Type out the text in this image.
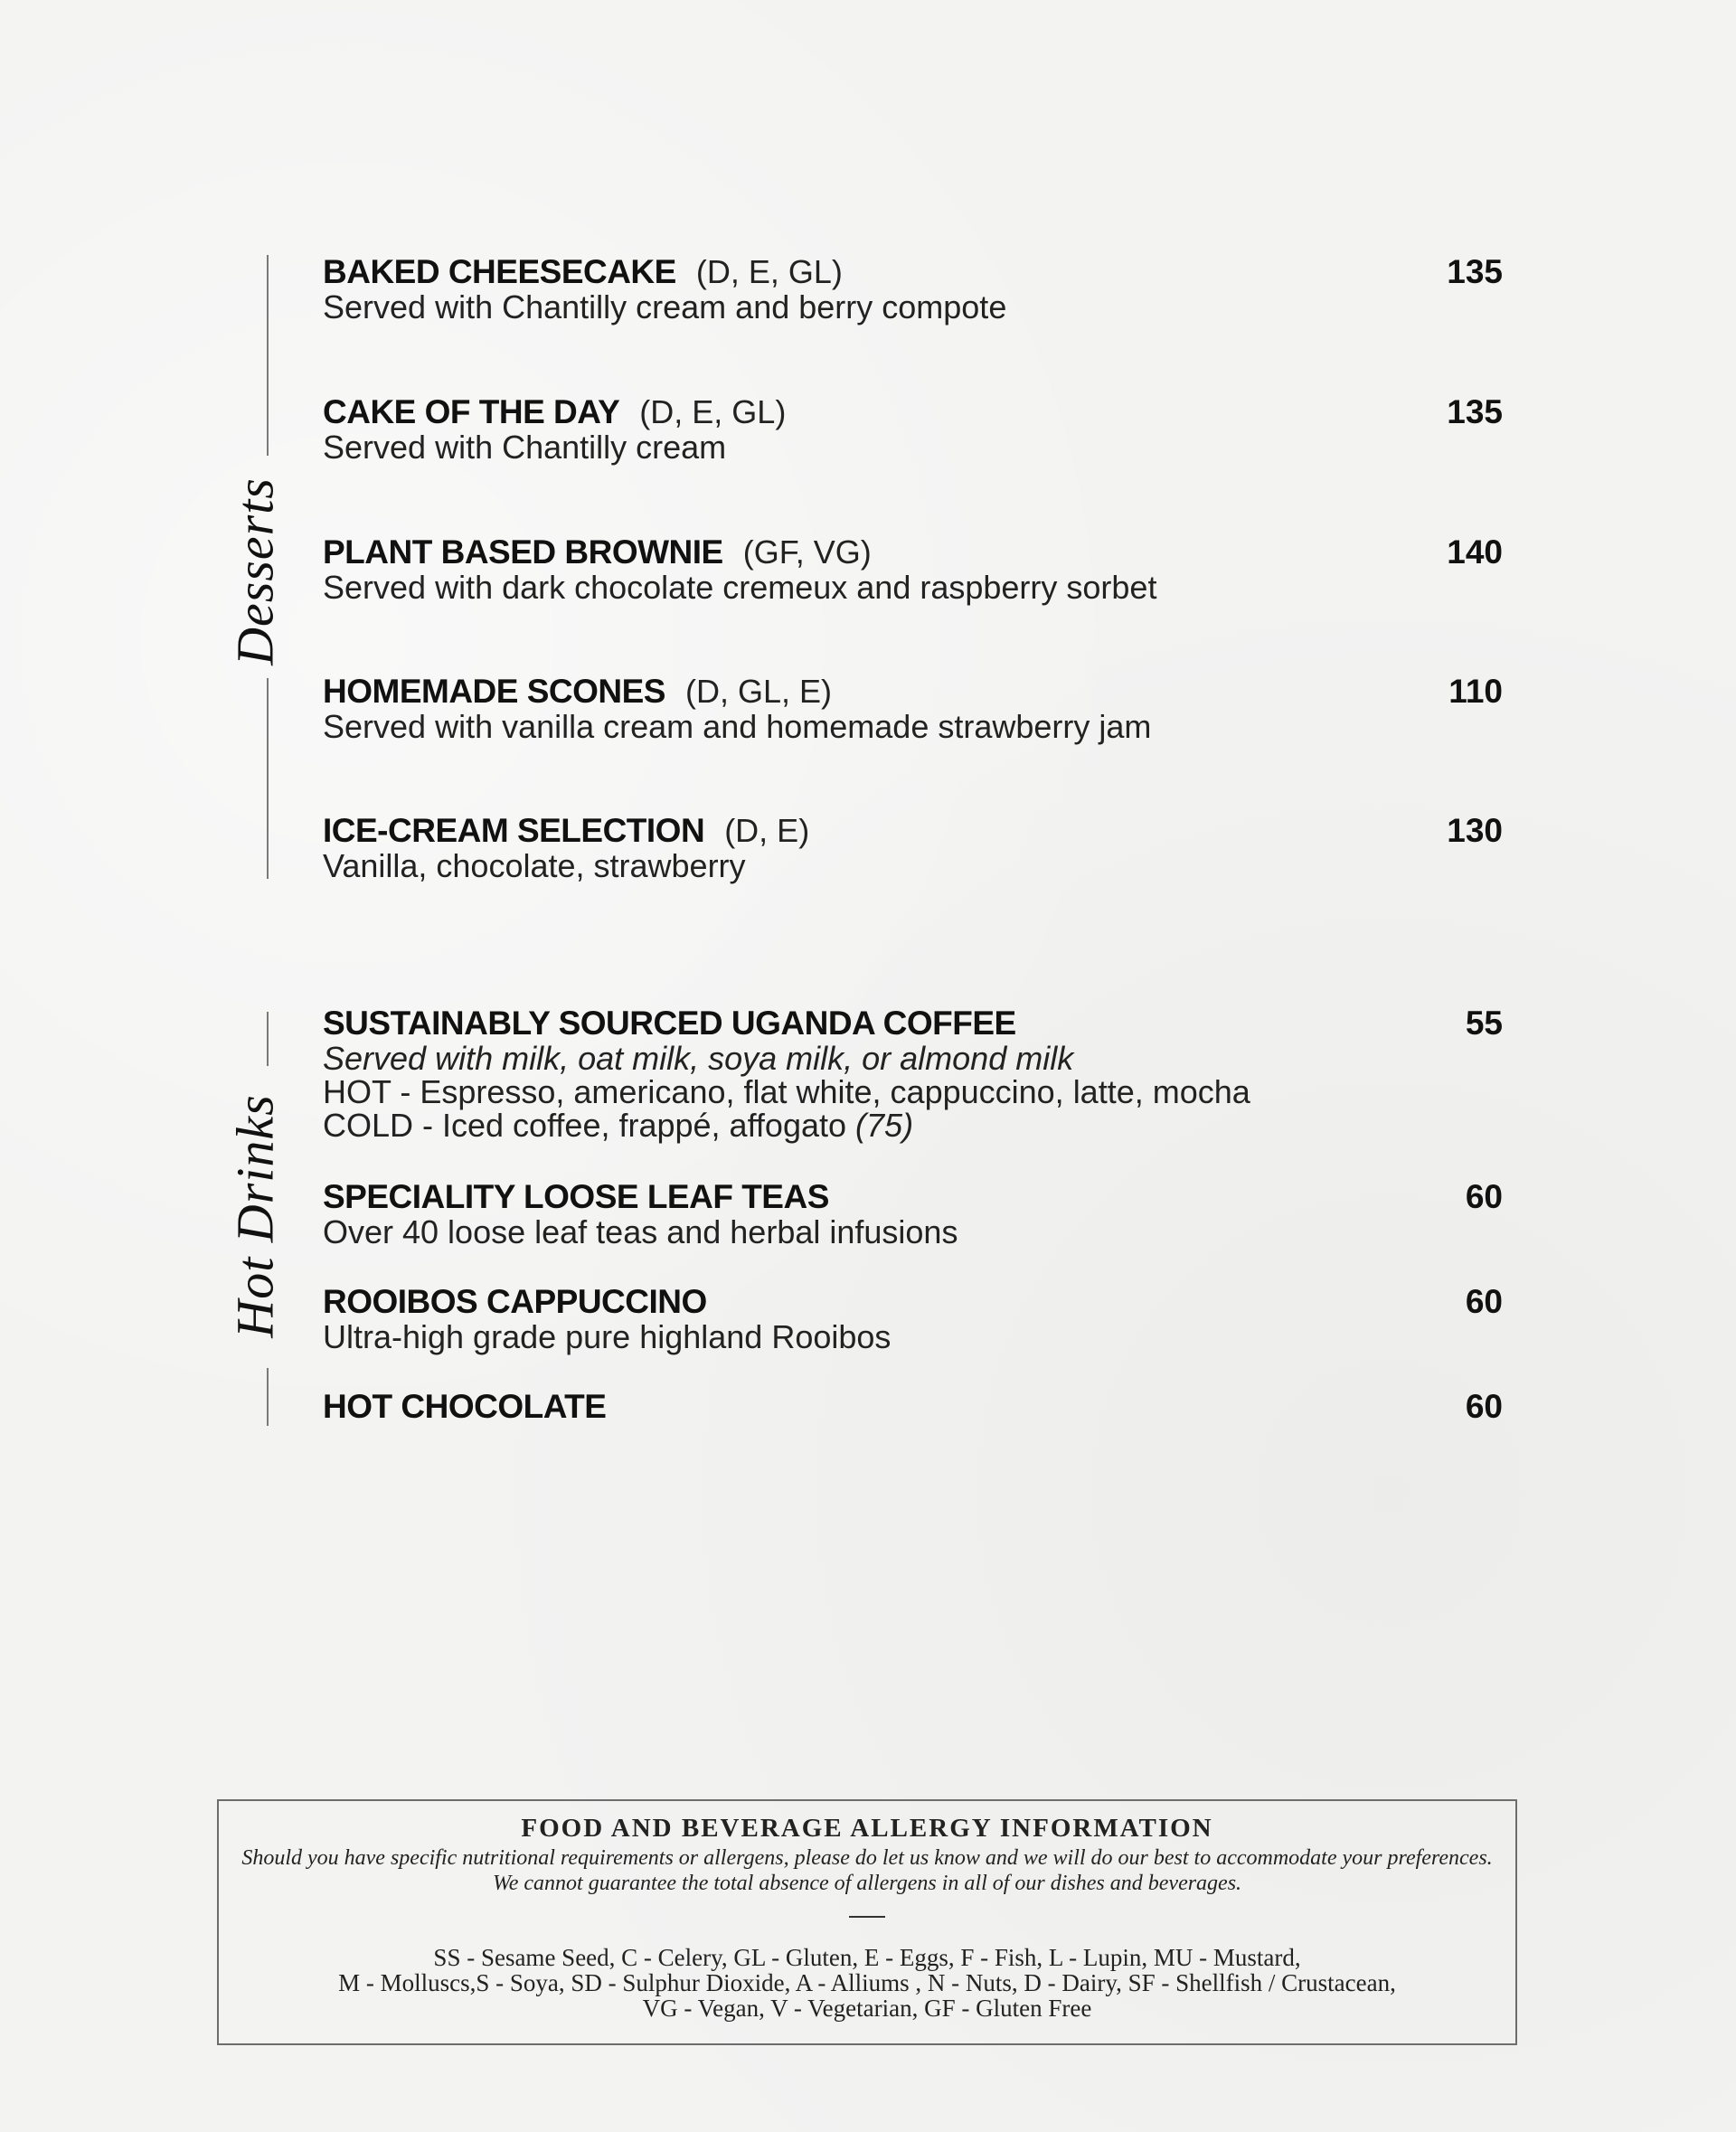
Desserts
BAKED CHEESECAKE (D, E, GL)	135
Served with Chantilly cream and berry compote
CAKE OF THE DAY (D, E, GL)	135
Served with Chantilly cream
PLANT BASED BROWNIE (GF, VG)	140
Served with dark chocolate cremeux and raspberry sorbet
HOMEMADE SCONES (D, GL, E)	110
Served with vanilla cream and homemade strawberry jam
ICE-CREAM SELECTION (D, E)	130
Vanilla, chocolate, strawberry
Hot Drinks
SUSTAINABLY SOURCED UGANDA COFFEE	55
Served with milk, oat milk, soya milk, or almond milk
HOT - Espresso, americano, flat white, cappuccino, latte, mocha
COLD - Iced coffee, frappé, affogato (75)
SPECIALITY LOOSE LEAF TEAS	60
Over 40 loose leaf teas and herbal infusions
ROOIBOS CAPPUCCINO	60
Ultra-high grade pure highland Rooibos
HOT CHOCOLATE	60
FOOD AND BEVERAGE ALLERGY INFORMATION
Should you have specific nutritional requirements or allergens, please do let us know and we will do our best to accommodate your preferences. We cannot guarantee the total absence of allergens in all of our dishes and beverages.
SS - Sesame Seed, C - Celery, GL - Gluten, E - Eggs, F - Fish, L - Lupin, MU - Mustard,
M - Molluscs,S - Soya, SD - Sulphur Dioxide, A - Alliums , N - Nuts, D - Dairy, SF - Shellfish / Crustacean,
VG - Vegan, V - Vegetarian, GF - Gluten Free
